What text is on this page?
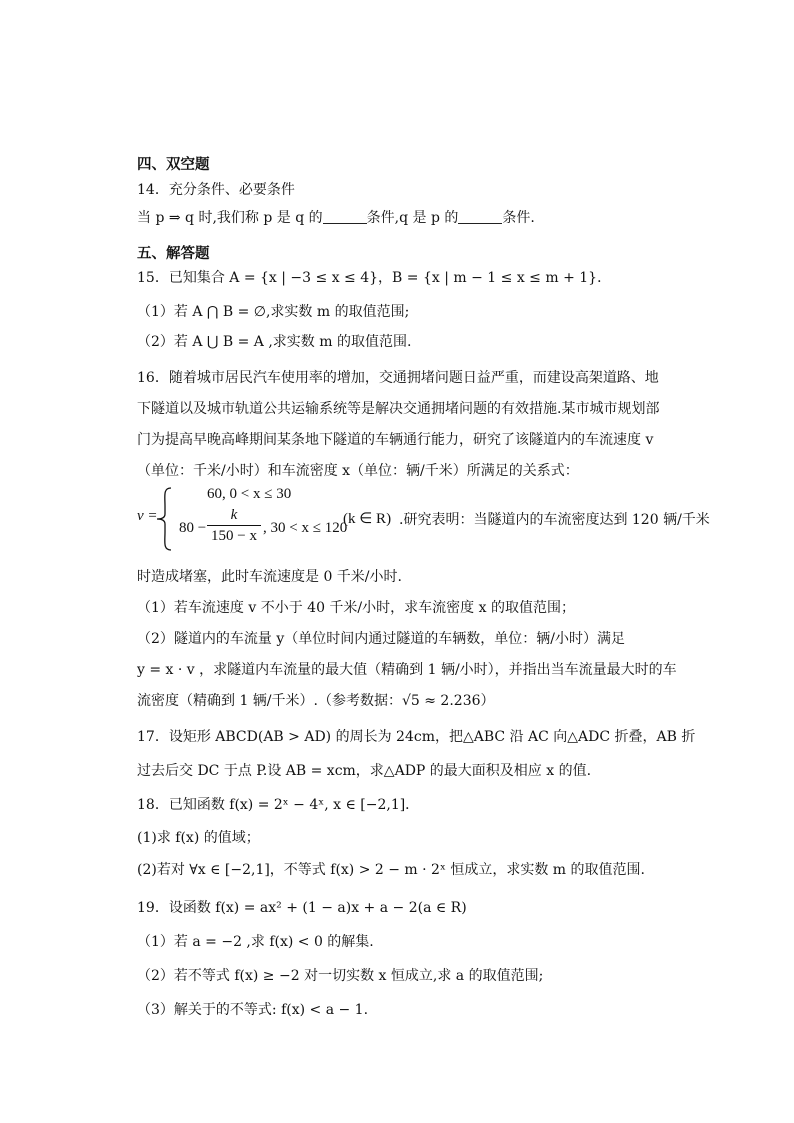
四、双空题
14．充分条件、必要条件
当 p ⇒ q 时,我们称 p 是 q 的	条件,q 是 p 的	条件.
五、解答题
15．已知集合 A = {x | −3 ≤ x ≤ 4}，B = {x | m − 1 ≤ x ≤ m + 1}．
（1）若 A ⋂ B = ∅,求实数 m 的取值范围;
（2）若 A ⋃ B = A ,求实数 m 的取值范围.
16．随着城市居民汽车使用率的增加，交通拥堵问题日益严重，而建设高架道路、地
下隧道以及城市轨道公共运输系统等是解决交通拥堵问题的有效措施.某市城市规划部
门为提高早晚高峰期间某条地下隧道的车辆通行能力，研究了该隧道内的车流速度 v
（单位：千米/小时）和车流密度 x（单位：辆/千米）所满足的关系式：
v =
60, 0 < x ≤ 30
$80 - \frac{k}{150 - x}$ , 30 < x ≤ 120
(k ∈ R) .研究表明：当隧道内的车流密度达到 120 辆/千米
时造成堵塞，此时车流速度是 0 千米/小时.
（1）若车流速度 v 不小于 40 千米/小时，求车流密度 x 的取值范围；
（2）隧道内的车流量 y（单位时间内通过隧道的车辆数，单位：辆/小时）满足
y = x · v ，求隧道内车流量的最大值（精确到 1 辆/小时），并指出当车流量最大时的车
流密度（精确到 1 辆/千米）.（参考数据：√5 ≈ 2.236）
17．设矩形 ABCD(AB > AD) 的周长为 24cm，把△ABC 沿 AC 向△ADC 折叠，AB 折
过去后交 DC 于点 P.设 AB = xcm，求△ADP 的最大面积及相应 x 的值.
18．已知函数 f(x) = 2ˣ − 4ˣ, x ∈ [−2,1]．
(1)求 f(x) 的值域；
(2)若对 ∀x ∈ [−2,1]，不等式 f(x) > 2 − m · 2ˣ 恒成立，求实数 m 的取值范围.
19．设函数 f(x) = ax² + (1 − a)x + a − 2(a ∈ R)
（1）若 a = −2 ,求 f(x) < 0 的解集.
（2）若不等式 f(x) ≥ −2 对一切实数 x 恒成立,求 a 的取值范围;
（3）解关于的不等式: f(x) < a − 1.
